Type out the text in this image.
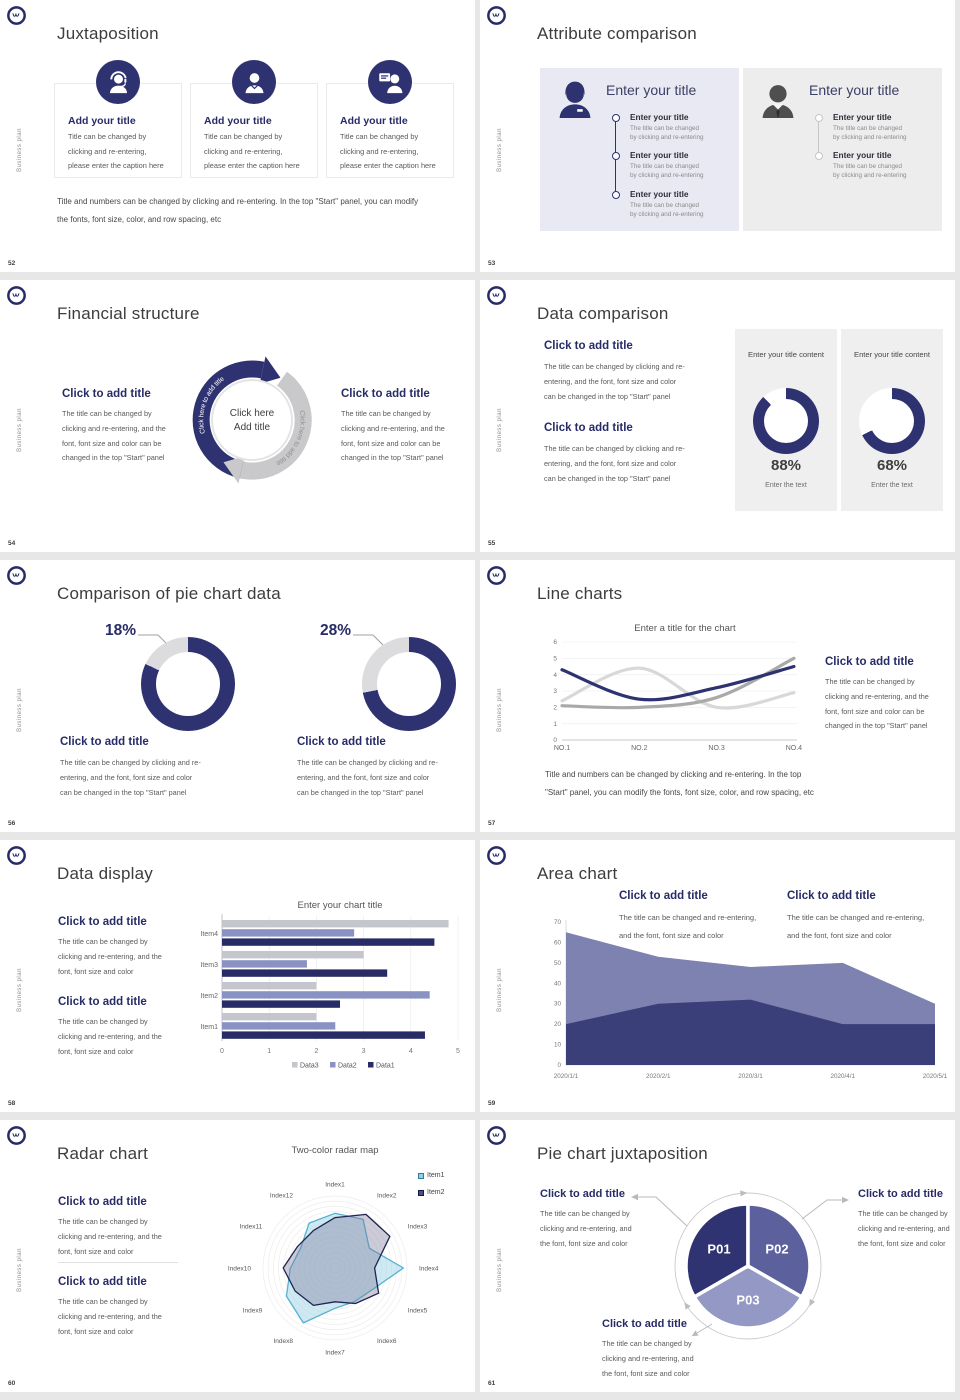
Business plan
Juxtaposition
Add your title
Title can be changed by
clicking and re-entering,
please enter the caption here
Add your title
Title can be changed by
clicking and re-entering,
please enter the caption here
Add your title
Title can be changed by
clicking and re-entering,
please enter the caption here
Title and numbers can be changed by clicking and re-entering. In the top "Start" panel, you can modify
the fonts, font size, color, and row spacing, etc
52
Business plan
Attribute comparison
Enter your title
Enter your title
The title can be changed
by clicking and re-entering
Enter your title
The title can be changed
by clicking and re-entering
Enter your title
The title can be changed
by clicking and re-entering
Enter your title
Enter your title
The title can be changed
by clicking and re-entering
Enter your title
The title can be changed
by clicking and re-entering
53
Business plan
Financial structure
Click to add title
The title can be changed by
clicking and re-entering, and the
font, font size and color can be
changed in the top "Start" panel
Click to add title
The title can be changed by
clicking and re-entering, and the
font, font size and color can be
changed in the top "Start" panel
Click here to add title
Click here to add title
Click here
Add title
54
Business plan
Data comparison
Click to add title
The title can be changed by clicking and re-
entering, and the font, font size and color
can be changed in the top "Start" panel
Click to add title
The title can be changed by clicking and re-
entering, and the font, font size and color
can be changed in the top "Start" panel
Enter your title content
88%
Enter the text
Enter your title content
68%
Enter the text
55
Business plan
Comparison of pie chart data
18%	28%
Click to add title
The title can be changed by clicking and re-
entering, and the font, font size and color
can be changed in the top "Start" panel
Click to add title
The title can be changed by clicking and re-
entering, and the font, font size and color
can be changed in the top "Start" panel
56
Business plan
Line charts
Enter a title for the chart
0
1
2
3
4
5
6
NO.1	NO.2	NO.3	NO.4
Click to add title
The title can be changed by
clicking and re-entering, and the
font, font size and color can be
changed in the top "Start" panel
Title and numbers can be changed by clicking and re-entering. In the top
"Start" panel, you can modify the fonts, font size, color, and row spacing, etc
57
Business plan
Data display
Click to add title
The title can be changed by
clicking and re-entering, and the
font, font size and color
Click to add title
The title can be changed by
clicking and re-entering, and the
font, font size and color
Enter your chart title
0	1	2	3	4	5
Item4
Item3
Item2
Item1
Data3	Data2	Data1
58
Business plan
Area chart
Click to add title
The title can be changed and re-entering,
and the font, font size and color
Click to add title
The title can be changed and re-entering,
and the font, font size and color
0
10
20
30
40
50
60
70
2020/1/1	2020/2/1	2020/3/1	2020/4/1	2020/5/1
59
Business plan
Radar chart
Click to add title
The title can be changed by
clicking and re-entering, and the
font, font size and color
Click to add title
The title can be changed by
clicking and re-entering, and the
font, font size and color
Two-color radar map
Index1
Index2
Index3
Index4
Index5
Index6
Index7
Index8
Index9
Index10
Index11
Index12
Item1
Item2
60
Business plan
Pie chart juxtaposition
Click to add title
The title can be changed by
clicking and re-entering, and
the font, font size and color
Click to add title
The title can be changed by
clicking and re-entering, and
the font, font size and color
Click to add title
The title can be changed by
clicking and re-entering, and
the font, font size and color
P01	P02
P03
61
